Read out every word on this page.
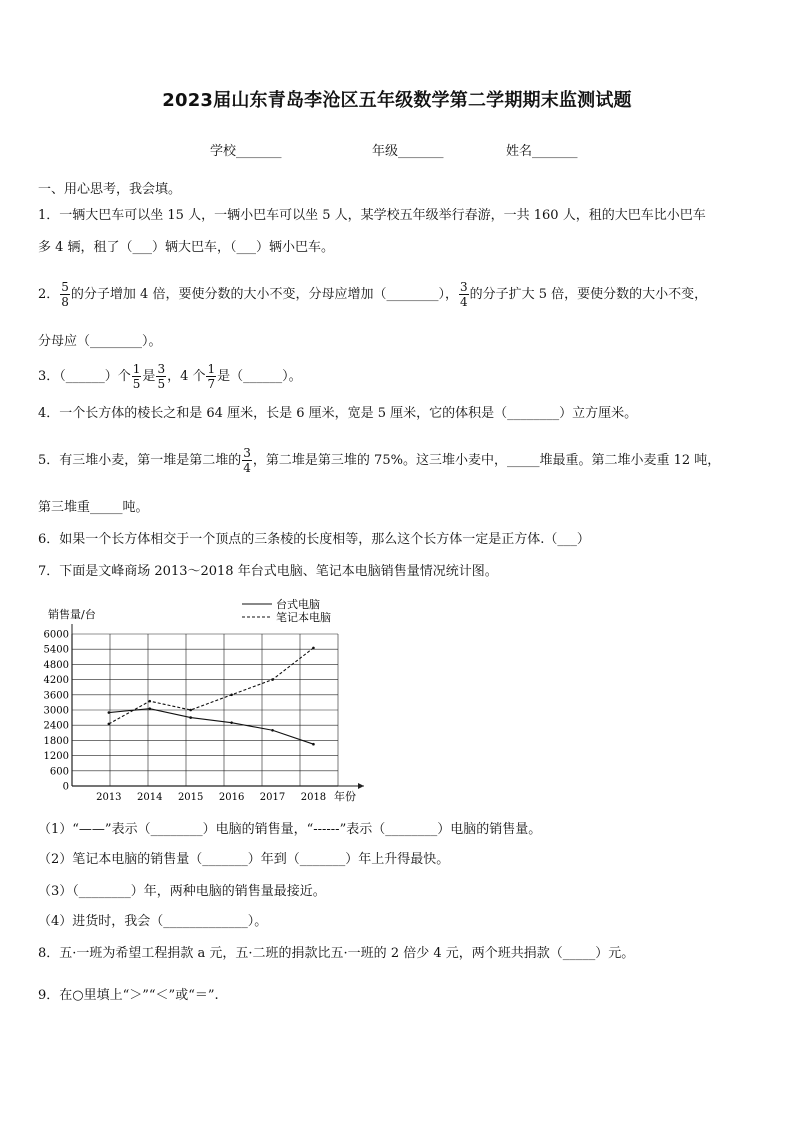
2023届山东青岛李沧区五年级数学第二学期期末监测试题
学校_______	年级_______	姓名_______
一、用心思考，我会填。
1．一辆大巴车可以坐 15 人，一辆小巴车可以坐 5 人，某学校五年级举行春游，一共 160 人，租的大巴车比小巴车
多 4 辆，租了（___）辆大巴车，（___）辆小巴车。
2． $\frac{5}{8}$ 的分子增加 4 倍，要使分数的大小不变，分母应增加（________）， $\frac{3}{4}$ 的分子扩大 5 倍，要使分数的大小不变，
分母应（________）。
3．（______）个 $\frac{1}{5}$ 是 $\frac{3}{5}$ ，4 个 $\frac{1}{7}$ 是（______）。
4．一个长方体的棱长之和是 64 厘米，长是 6 厘米，宽是 5 厘米，它的体积是（________）立方厘米。
5．有三堆小麦，第一堆是第二堆的 $\frac{3}{4}$ ，第二堆是第三堆的 75%。这三堆小麦中，_____堆最重。第二堆小麦重 12 吨，
第三堆重_____吨。
6．如果一个长方体相交于一个顶点的三条棱的长度相等，那么这个长方体一定是正方体.（___）
7．下面是文峰商场 2013～2018 年台式电脑、笔记本电脑销售量情况统计图。
销售量/台
台式电脑
笔记本电脑
0
600
1200
1800
2400
3000
3600
4200
4800
5400
6000
2013 2014 2015 2016 2017 2018 年份
（1）“——”表示（________）电脑的销售量，“------”表示（________）电脑的销售量。
（2）笔记本电脑的销售量（_______）年到（_______）年上升得最快。
（3）（________）年，两种电脑的销售量最接近。
（4）进货时，我会（_____________）。
8．五·一班为希望工程捐款 a 元，五·二班的捐款比五·一班的 2 倍少 4 元，两个班共捐款（_____）元。
9．在○里填上“＞”“＜”或“＝”.
